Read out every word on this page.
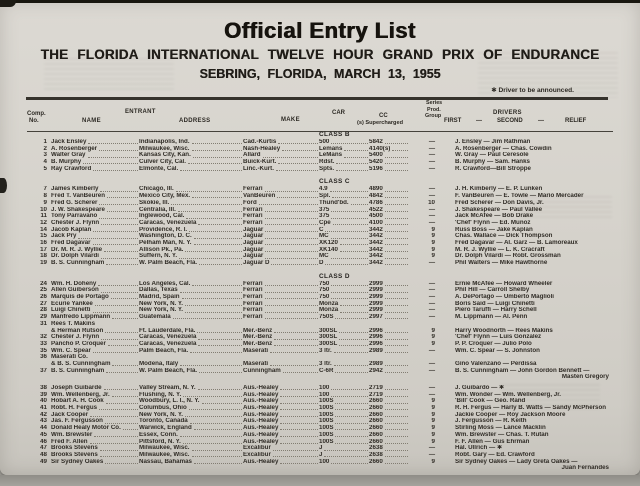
Official Entry List
THE FLORIDA INTERNATIONAL TWELVE HOUR GRAND PRIX OF ENDURANCE
SEBRING, FLORIDA, MARCH 13, 1955
✱ Driver to be announced.
Comp.
No.	NAME
ENTRANT
ADDRESS	MAKE
CAR	CC
(s) Supercharged
Series
Prod.
Group
DRIVERS
FIRST —	SECOND	—	RELIEF
CLASS B
1 Jack Ensley	Indianapolis, Ind.	Cad.-Kurtis	500	5842	—	J. Ensley — Jim Rathman
2 A. Rosenberger	Milwaukee, Wisc.	Nash-Healey	Lemans	4140(s)	—	A. Rosenberger — Chas. Cowdin
3 Walter Gray	Kansas City, Kan.	Allard	LeMans	5400	—	W. Gray — Paul Ceresole
4 B. Murphy	Culver City, Cal.	Buick-Kurt.	Rdst.	5420	—	B. Murphy — Sam. Hanks
5 Ray Crawford	Elmonte, Cal.	Linc.-Kurt.	Spts.	5196	—	R. Crawford—Bill Stroppe
CLASS C
7 James Kimberly	Chicago, Ill.	Ferrari	4.9	4890	—	J. H. Kimberly — E. P. Lunken
8 Fred T. VanBeuren	Mexico City, Mex.	VanBeuren	Spl.	4842	—	F. VanBeuren — E. Towle — Mario Mercader
9 Fred G. Scherer	Skokie, Ill.	Ford	Thund'bd.	4786	10	Fred Scherer — Don Davis, Jr.
10 J. W. Shakespeare	Centralia, Ill.	Ferrari	375	4522	—	J. Shakespeare — Paul Vallee
11 Tony Parravano	Inglewood, Cal.	Ferrari	375	4500	—	Jack McAfee — Bob Drake
12 Chester J. Flynn	Caracas, Venezuela	Ferrari	Cpe	4100	—	'Chef' Flynn — Ed. Munoz
14 Jacob Kaplan	Providence, R. I.	Jaguar	C	3442	9	Russ Boss — Jake Kaplan
15 Jack Pry	Washington, D. C.	Jaguar	MC	3442	9	Chas. Wallace — Dick Thompson
16 Fred Dagavar	Pelham Man, N. Y.	Jaguar	XK120	3442	9	Fred Dagavar — Al. Garz — B. Lamoreaux
17 Dr. M. R. J. Wyllie	Allison Pk., Pa.	Jaguar	XK140	3442	9	M. R. J. Wyllie — L. K. Cracraft
18 Dr. Dolph Vilardi	Suffern, N. Y.	Jaguar	MC	3442	9	Dr. Dolph Vilardi — Robt. Grossman
19 B. S. Cunningham	W. Palm Beach, Fla.	Jaguar D	D	3442	—	Phil Walters — Mike Hawthorne
CLASS D
24 Wm. H. Doheny	Los Angeles, Cal.	Ferrari	750	2999	—	Ernie McAfee — Howard Wheeler
25 Allen Guiberson	Dallas, Texas	Ferrari	750	2999	—	Phil Hill — Carroll Shelby
26 Marquis de Portago	Madrid, Spain	Ferrari	750	2999	—	A. DePortago — Umberto Maglioli
27 Ecurie Yankee	New York, N. Y.	Ferrari	Monza	2999	—	Boris Said — Luigi Chinetti
28 Luigi Chinetti	New York, N. Y.	Ferrari	Monza	2999	—	Piero Taruffi — Harry Schell
29 Manfredo Lippmann	Guatemala	Ferrari	750S	2997	—	M. Lippmann — Al. Penn
31 Rees T. Makins
& Herman Rutson	Ft. Lauderdale, Fla.	Mer.-Benz	300SL	2996	9	Harry Woodnorth — Rees Makins
32 Chester J. Flynn	Caracas, Venezuela	Mer.-Benz	300SL	2996	9	'Chef' Flynn — Luis Gonzalez
33 Pancho P. Croquer	Caracas, Venezuela	Mer.-Benz	300SL	2996	9	P. P. Croquer — Julio Polo
35 Wm. C. Spear	Palm Beach, Fla.	Maserati	3 ltr.	2989	—	Wm. C. Spear — S. Johnston
36 Maserati Co.
& B. S. Cunningham	Modena, Italy	Maserati	3 ltr.	2989	—	Gino Valenzano — Perdissa
37 B. S. Cunningham	W. Palm Beach, Fla.	Cunningham	C-6R	2942	—	B. S. Cunningham — John Gordon Bennett —
Masten Gregory
38 Joseph Guibarde	Valley Stream, N. Y.	Aus.-Healey	100	2719	—	J. Guibardo — ✱
39 Wm. Wellenberg, Jr.	Flushing, N. Y.	Aus.-Healey	100	2719	—	Wm. Wonder — Wm. Wellenberg, Jr.
40 Hobart A. H. Cook	Woodbury, L. I., N. Y.	Aus.-Healey	100S	2660	9	'Bill' Cook — Geo. Rand
41 Robt. H. Fergus	Columbus, Ohio	Aus.-Healey	100S	2660	9	R. H. Fergus — Harly B. Watts — Sandy McPherson
42 Jack Cooper	New York, N. Y.	Aus.-Healey	100S	2660	9	Jackie Cooper — Roy Jackson Moore
43 Jas. F. Fergusson	Toronto, Canada	Aus.-Healey	100S	2660	9	J. Fergusson — R. Keith
44 Donald Healy Motor Co.	Warwick, England	Aus.-Healey	100S	2660	9	Stirling Moss — Lance Macklin
45 Wm. Brewster	Essex, Conn.	Aus.-Healey	100S	2660	9	Wm. Brewster — Chas. T. Rutan
46 Fred F. Allen	Pittsford, N. Y.	Aus.-Healey	100S	2660	9	F. F. Allen — Gus Ehrman
47 Brooks Stevens	Milwaukee, Wisc.	Excalibur	J	2638	—	Hal. Ullrich — ✱
48 Brooks Stevens	Milwaukee, Wisc.	Excalibur	J	2638	—	Robt. Gary — Ed. Crawford
49 Sir Sydney Oakes	Nassau, Bahamas	Aus.-Healey	100	2660	9	Sir Sydney Oakes — Lady Greta Oakes —
Juan Fernandes
